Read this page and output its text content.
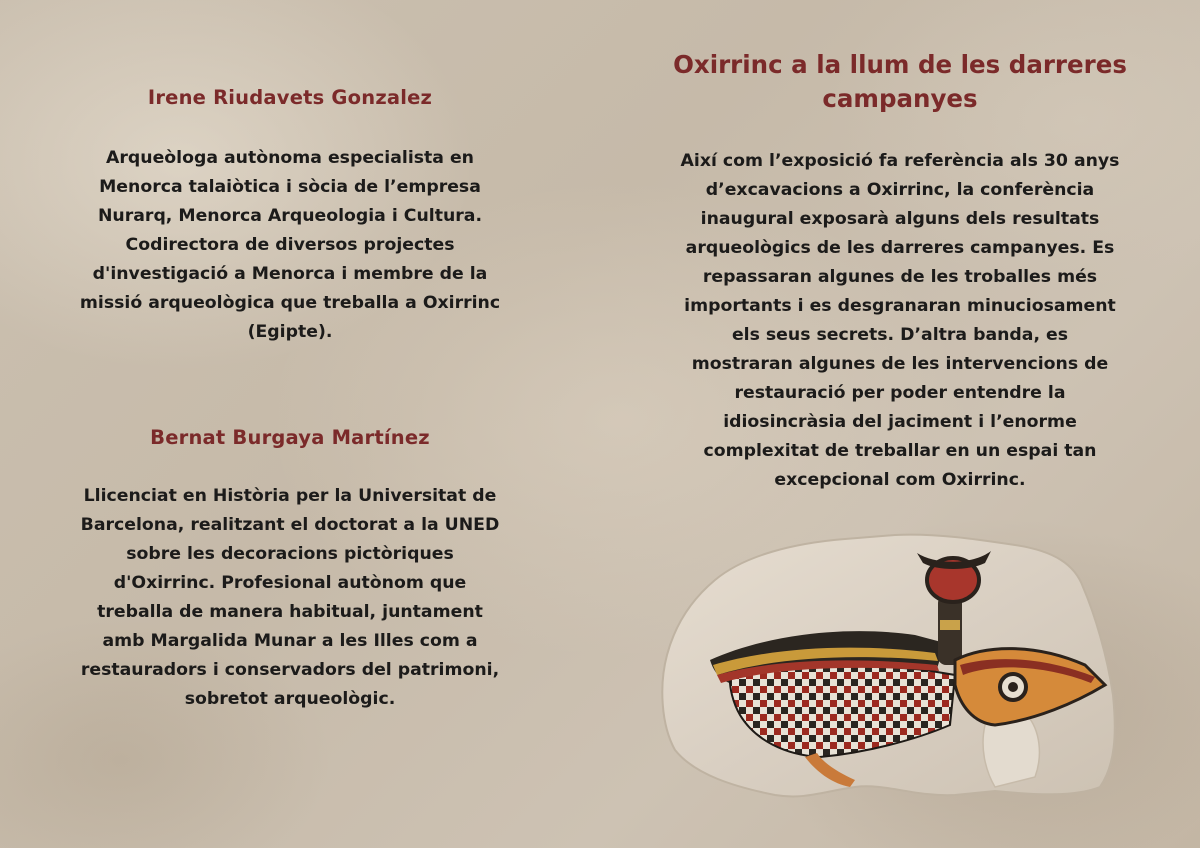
Irene Riudavets Gonzalez
Arqueòloga autònoma especialista en
Menorca talaiòtica i sòcia de l’empresa
Nurarq, Menorca Arqueologia i Cultura.
Codirectora de diversos projectes
d'investigació a Menorca i membre de la
missió arqueològica que treballa a Oxirrinc
(Egipte).
Bernat Burgaya Martínez
Llicenciat en Història per la Universitat de
Barcelona, realitzant el doctorat a la UNED
sobre les decoracions pictòriques
d'Oxirrinc. Profesional autònom que
treballa de manera habitual, juntament
amb Margalida Munar a les Illes com a
restauradors i conservadors del patrimoni,
sobretot arqueològic.
Oxirrinc a la llum de les darreres
campanyes
Així com l’exposició fa referència als 30 anys
d’excavacions a Oxirrinc, la conferència
inaugural exposarà alguns dels resultats
arqueològics de les darreres campanyes. Es
repassaran algunes de les troballes més
importants i es desgranaran minuciosament
els seus secrets. D’altra banda, es
mostraran algunes de les intervencions de
restauració per poder entendre la
idiosincràsia del jaciment i l’enorme
complexitat de treballar en un espai tan
excepcional com Oxirrinc.
